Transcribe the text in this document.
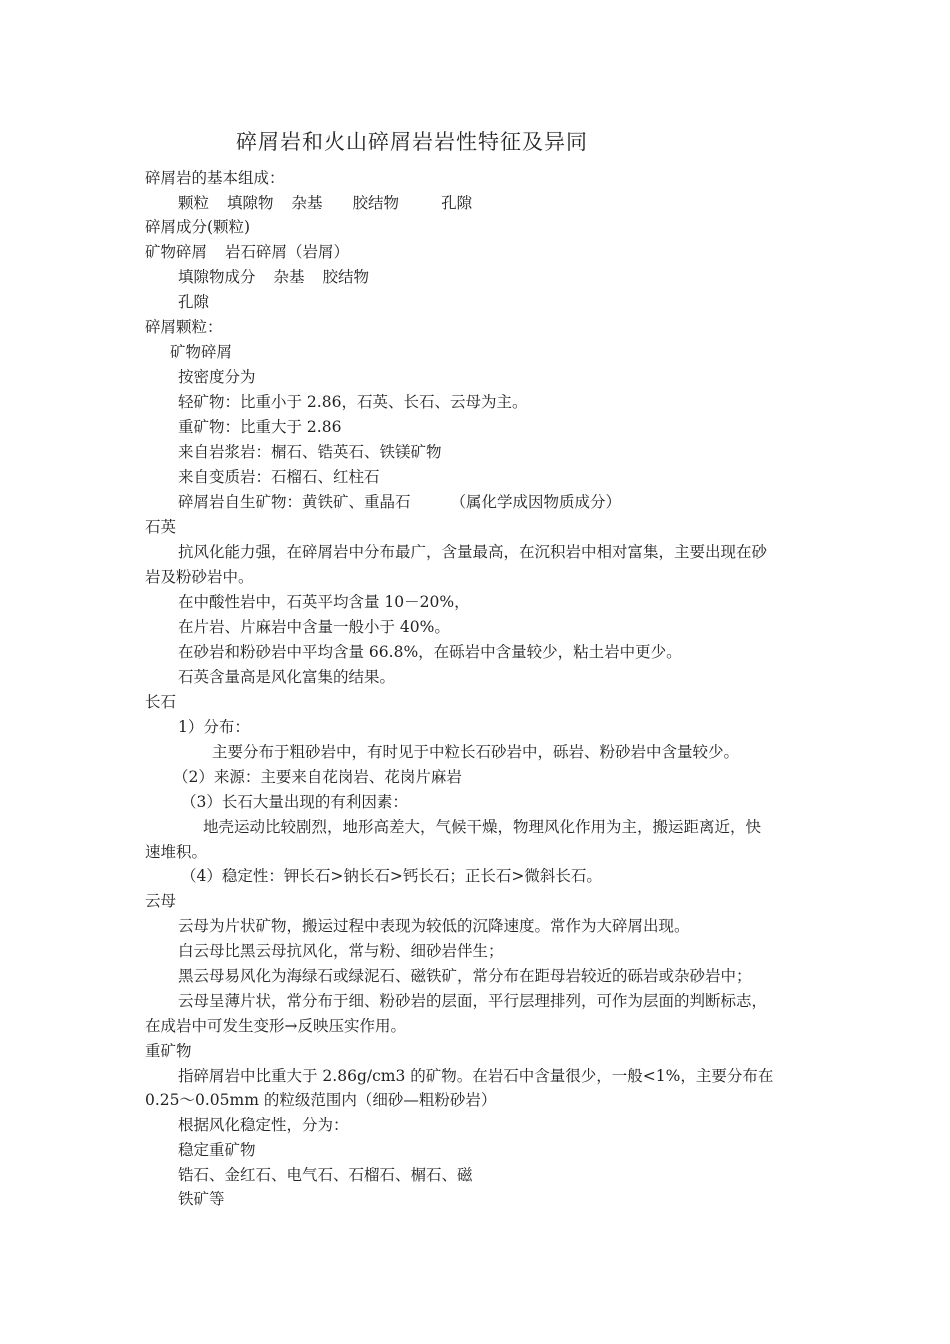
碎屑岩和火山碎屑岩岩性特征及异同
碎屑岩的基本组成：
颗粒 填隙物 杂基 胶结物	孔隙
碎屑成分(颗粒)
矿物碎屑 岩石碎屑（岩屑）
填隙物成分 杂基 胶结物
孔隙
碎屑颗粒：
矿物碎屑
按密度分为
轻矿物：比重小于 2.86，石英、长石、云母为主。
重矿物：比重大于 2.86
来自岩浆岩：榍石、锆英石、铁镁矿物
来自变质岩：石榴石、红柱石
碎屑岩自生矿物：黄铁矿、重晶石	（属化学成因物质成分）
石英
抗风化能力强，在碎屑岩中分布最广，含量最高，在沉积岩中相对富集，主要出现在砂
岩及粉砂岩中。
在中酸性岩中，石英平均含量 10－20%，
在片岩、片麻岩中含量一般小于 40%。
在砂岩和粉砂岩中平均含量 66.8%，在砾岩中含量较少，粘土岩中更少。
石英含量高是风化富集的结果。
长石
1）分布：
主要分布于粗砂岩中，有时见于中粒长石砂岩中，砾岩、粉砂岩中含量较少。
（2）来源：主要来自花岗岩、花岗片麻岩
（3）长石大量出现的有利因素：
地壳运动比较剧烈，地形高差大，气候干燥，物理风化作用为主，搬运距离近，快
速堆积。
（4）稳定性：钾长石>钠长石>钙长石；正长石>微斜长石。
云母
云母为片状矿物，搬运过程中表现为较低的沉降速度。常作为大碎屑出现。
白云母比黑云母抗风化，常与粉、细砂岩伴生；
黑云母易风化为海绿石或绿泥石、磁铁矿，常分布在距母岩较近的砾岩或杂砂岩中；
云母呈薄片状，常分布于细、粉砂岩的层面，平行层理排列，可作为层面的判断标志，
在成岩中可发生变形→反映压实作用。
重矿物
指碎屑岩中比重大于 2.86g/cm3 的矿物。在岩石中含量很少，一般<1%，主要分布在
0.25～0.05mm 的粒级范围内（细砂—粗粉砂岩）
根据风化稳定性，分为：
稳定重矿物
锆石、金红石、电气石、石榴石、榍石、磁
铁矿等
